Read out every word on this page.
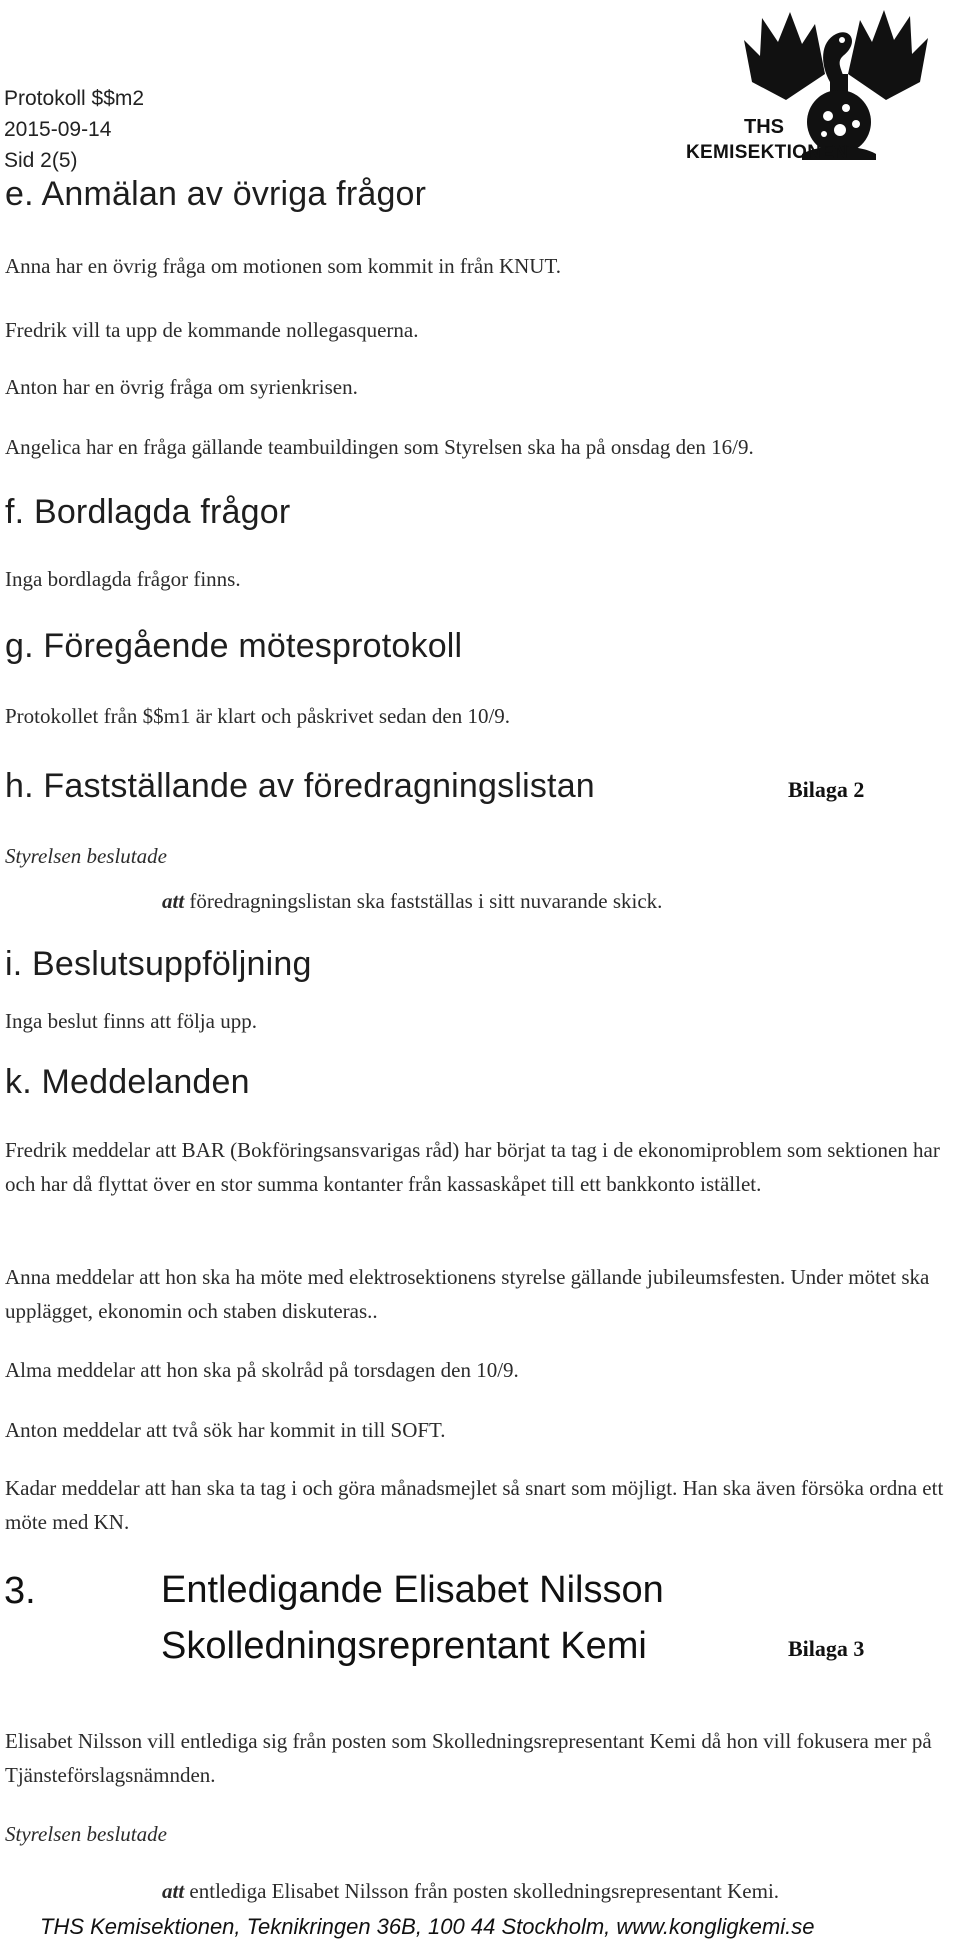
Protokoll $$m2
2015-09-14
Sid 2(5)
THS
KEMISEKTIONEN
e. Anmälan av övriga frågor
Anna har en övrig fråga om motionen som kommit in från KNUT.
Fredrik vill ta upp de kommande nollegasquerna.
Anton har en övrig fråga om syrienkrisen.
Angelica har en fråga gällande teambuildingen som Styrelsen ska ha på onsdag den 16/9.
f. Bordlagda frågor
Inga bordlagda frågor finns.
g. Föregående mötesprotokoll
Protokollet från $$m1 är klart och påskrivet sedan den 10/9.
h. Fastställande av föredragningslistan	Bilaga 2
Styrelsen beslutade
att föredragningslistan ska fastställas i sitt nuvarande skick.
i. Beslutsuppföljning
Inga beslut finns att följa upp.
k. Meddelanden

Fredrik meddelar att BAR (Bokföringsansvarigas råd) har börjat ta tag i de ekonomiproblem som sektionen har och har då flyttat över en stor summa kontanter från kassaskåpet till ett bankkonto istället.

Anna meddelar att hon ska ha möte med elektrosektionens styrelse gällande jubileumsfesten. Under mötet ska upplägget, ekonomin och staben diskuteras..

Alma meddelar att hon ska på skolråd på torsdagen den 10/9.

Anton meddelar att två sök har kommit in till SOFT.

Kadar meddelar att han ska ta tag i och göra månadsmejlet så snart som möjligt. Han ska även försöka ordna ett möte med KN.

3.	Entledigande Elisabet Nilsson
Skolledningsreprentant Kemi	Bilaga 3

Elisabet Nilsson vill entlediga sig från posten som Skolledningsrepresentant Kemi då hon vill fokusera mer på Tjänsteförslagsnämnden.

Styrelsen beslutade
att entlediga Elisabet Nilsson från posten skolledningsrepresentant Kemi.
THS Kemisektionen, Teknikringen 36B, 100 44 Stockholm, www.kongligkemi.se
